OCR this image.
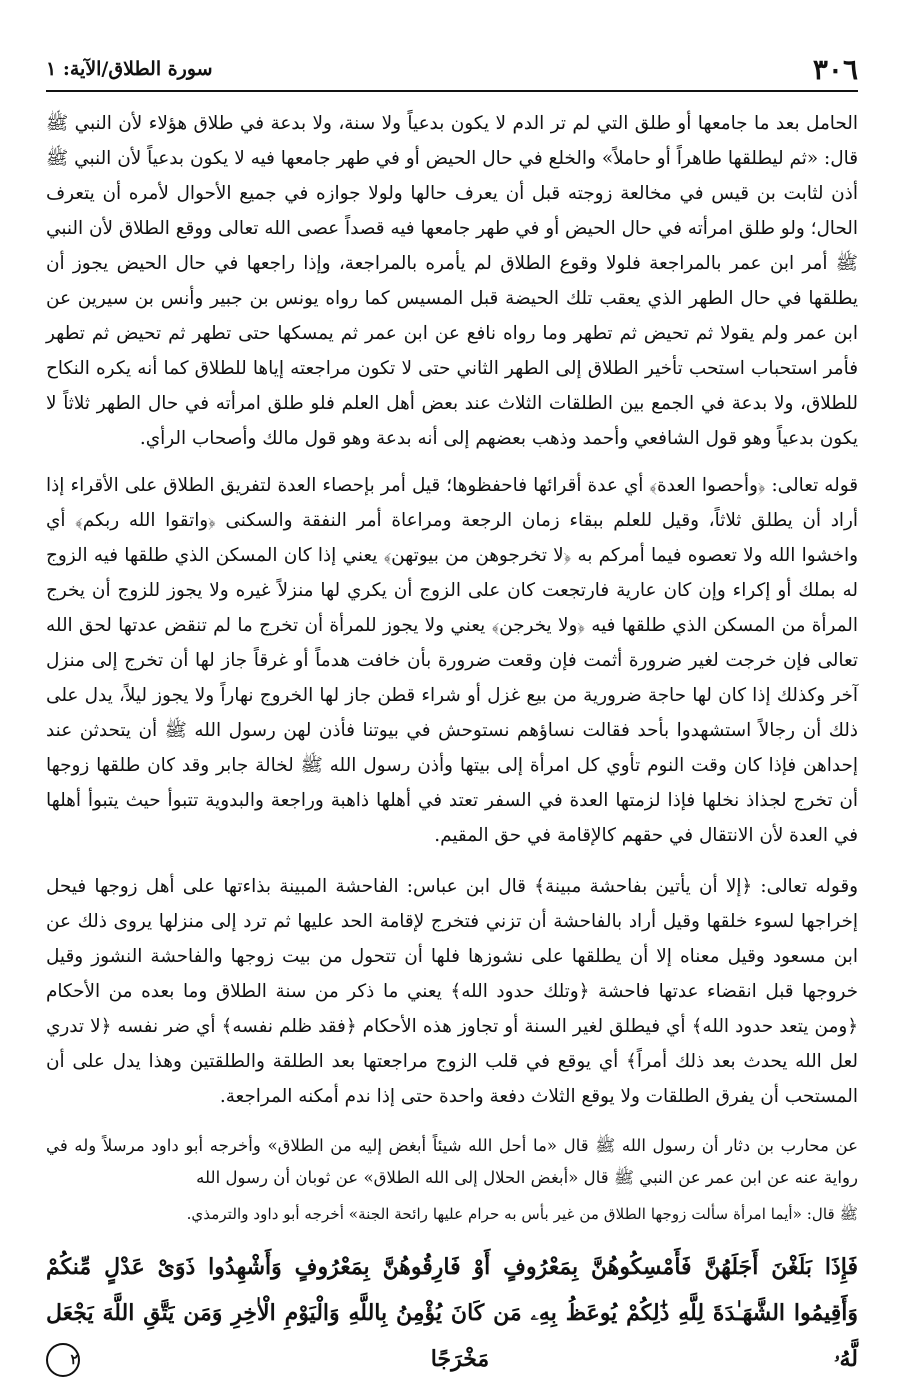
٣٠٦
سورة الطلاق/الآية: ١

الحامل بعد ما جامعها أو طلق التي لم تر الدم لا يكون بدعياً ولا سنة، ولا بدعة في طلاق هؤلاء لأن النبي ﷺ قال: «ثم ليطلقها طاهراً أو حاملاً» والخلع في حال الحيض أو في طهر جامعها فيه لا يكون بدعياً لأن النبي ﷺ أذن لثابت بن قيس في مخالعة زوجته قبل أن يعرف حالها ولولا جوازه في جميع الأحوال لأمره أن يتعرف الحال؛ ولو طلق امرأته في حال الحيض أو في طهر جامعها فيه قصداً عصى الله تعالى ووقع الطلاق لأن النبي ﷺ أمر ابن عمر بالمراجعة فلولا وقوع الطلاق لم يأمره بالمراجعة، وإذا راجعها في حال الحيض يجوز أن يطلقها في حال الطهر الذي يعقب تلك الحيضة قبل المسيس كما رواه يونس بن جبير وأنس بن سيرين عن ابن عمر ولم يقولا ثم تحيض ثم تطهر وما رواه نافع عن ابن عمر ثم يمسكها حتى تطهر ثم تحيض ثم تطهر فأمر استحباب استحب تأخير الطلاق إلى الطهر الثاني حتى لا تكون مراجعته إياها للطلاق كما أنه يكره النكاح للطلاق، ولا بدعة في الجمع بين الطلقات الثلاث عند بعض أهل العلم فلو طلق امرأته في حال الطهر ثلاثاً لا يكون بدعياً وهو قول الشافعي وأحمد وذهب بعضهم إلى أنه بدعة وهو قول مالك وأصحاب الرأي.

قوله تعالى: ﴿وأحصوا العدة﴾ أي عدة أقرائها فاحفظوها؛ قيل أمر بإحصاء العدة لتفريق الطلاق على الأقراء إذا أراد أن يطلق ثلاثاً، وقيل للعلم ببقاء زمان الرجعة ومراعاة أمر النفقة والسكنى ﴿واتقوا الله ربكم﴾ أي واخشوا الله ولا تعصوه فيما أمركم به ﴿لا تخرجوهن من بيوتهن﴾ يعني إذا كان المسكن الذي طلقها فيه الزوج له بملك أو إكراء وإن كان عارية فارتجعت كان على الزوج أن يكري لها منزلاً غيره ولا يجوز للزوج أن يخرج المرأة من المسكن الذي طلقها فيه ﴿ولا يخرجن﴾ يعني ولا يجوز للمرأة أن تخرج ما لم تنقض عدتها لحق الله تعالى فإن خرجت لغير ضرورة أثمت فإن وقعت ضرورة بأن خافت هدماً أو غرقاً جاز لها أن تخرج إلى منزل آخر وكذلك إذا كان لها حاجة ضرورية من بيع غزل أو شراء قطن جاز لها الخروج نهاراً ولا يجوز ليلاً، يدل على ذلك أن رجالاً استشهدوا بأحد فقالت نساؤهم نستوحش في بيوتنا فأذن لهن رسول الله ﷺ أن يتحدثن عند إحداهن فإذا كان وقت النوم تأوي كل امرأة إلى بيتها وأذن رسول الله ﷺ لخالة جابر وقد كان طلقها زوجها أن تخرج لجذاذ نخلها فإذا لزمتها العدة في السفر تعتد في أهلها ذاهبة وراجعة والبدوية تتبوأ حيث يتبوأ أهلها في العدة لأن الانتقال في حقهم كالإقامة في حق المقيم.

وقوله تعالى: ﴿إلا أن يأتين بفاحشة مبينة﴾ قال ابن عباس: الفاحشة المبينة بذاءتها على أهل زوجها فيحل إخراجها لسوء خلقها وقيل أراد بالفاحشة أن تزني فتخرج لإقامة الحد عليها ثم ترد إلى منزلها يروى ذلك عن ابن مسعود وقيل معناه إلا أن يطلقها على نشوزها فلها أن تتحول من بيت زوجها والفاحشة النشوز وقيل خروجها قبل انقضاء عدتها فاحشة ﴿وتلك حدود الله﴾ يعني ما ذكر من سنة الطلاق وما بعده من الأحكام ﴿ومن يتعد حدود الله﴾ أي فيطلق لغير السنة أو تجاوز هذه الأحكام ﴿فقد ظلم نفسه﴾ أي ضر نفسه ﴿لا تدري لعل الله يحدث بعد ذلك أمراً﴾ أي يوقع في قلب الزوج مراجعتها بعد الطلقة والطلقتين وهذا يدل على أن المستحب أن يفرق الطلقات ولا يوقع الثلاث دفعة واحدة حتى إذا ندم أمكنه المراجعة.

عن محارب بن دثار أن رسول الله ﷺ قال «ما أحل الله شيئاً أبغض إليه من الطلاق» وأخرجه أبو داود مرسلاً وله في رواية عنه عن ابن عمر عن النبي ﷺ قال «أبغض الحلال إلى الله الطلاق» عن ثوبان أن رسول الله

ﷺ قال: «أيما امرأة سألت زوجها الطلاق من غير بأس به حرام عليها رائحة الجنة» أخرجه أبو داود والترمذي.
فَإِذَا بَلَغْنَ أَجَلَهُنَّ فَأَمْسِكُوهُنَّ بِمَعْرُوفٍ أَوْ فَارِقُوهُنَّ بِمَعْرُوفٍ وَأَشْهِدُوا ذَوَىْ عَدْلٍ مِّنكُمْ وَأَقِيمُوا الشَّهَـٰدَةَ لِلَّهِ ذَٰلِكُمْ يُوعَظُ بِهِۦ مَن كَانَ يُؤْمِنُ بِاللَّهِ وَالْيَوْمِ الْاٰخِرِ وَمَن يَتَّقِ اللَّهَ يَجْعَل لَّهُۥ مَخْرَجًا ٢
